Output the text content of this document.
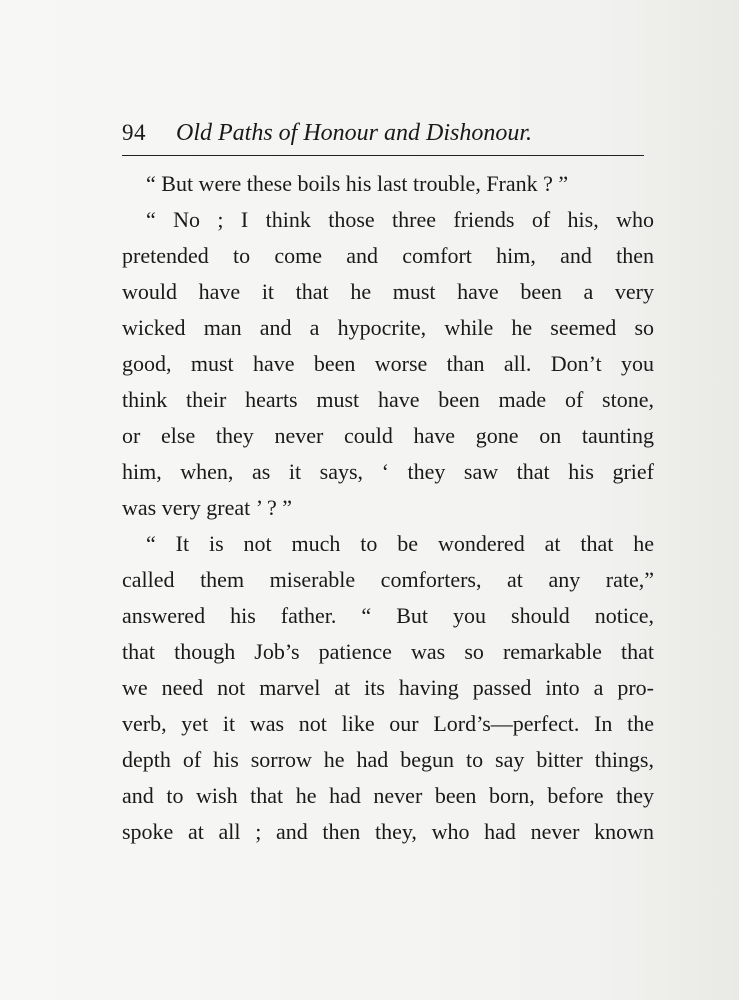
94 Old Paths of Honour and Dishonour.
“ But were these boils his last trouble, Frank ? ”
“ No ; I think those three friends of his, who
pretended to come and comfort him, and then
would have it that he must have been a very
wicked man and a hypocrite, while he seemed so
good, must have been worse than all. Don’t you
think their hearts must have been made of stone,
or else they never could have gone on taunting
him, when, as it says, ‘ they saw that his grief
was very great ’ ? ”
“ It is not much to be wondered at that he
called them miserable comforters, at any rate,”
answered his father. “ But you should notice,
that though Job’s patience was so remarkable that
we need not marvel at its having passed into a pro-
verb, yet it was not like our Lord’s—perfect. In the
depth of his sorrow he had begun to say bitter things,
and to wish that he had never been born, before they
spoke at all ; and then they, who had never known
